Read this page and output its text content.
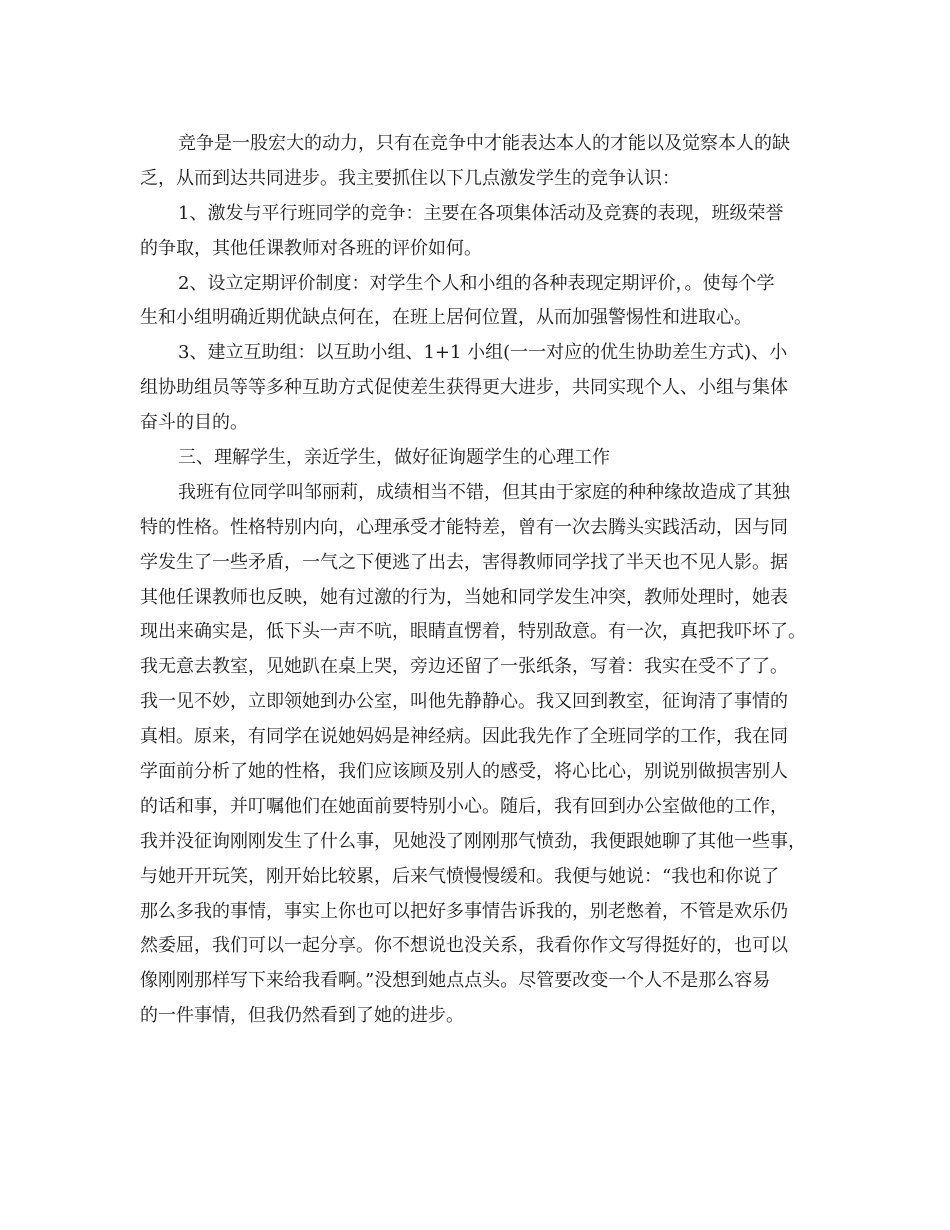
竞争是一股宏大的动力，只有在竞争中才能表达本人的才能以及觉察本人的缺
乏，从而到达共同进步。我主要抓住以下几点激发学生的竞争认识：
1、激发与平行班同学的竞争：主要在各项集体活动及竞赛的表现，班级荣誉
的争取，其他任课教师对各班的评价如何。
2、设立定期评价制度：对学生个人和小组的各种表现定期评价，。使每个学
生和小组明确近期优缺点何在，在班上居何位置，从而加强警惕性和进取心。
3、建立互助组：以互助小组、1+1 小组(一一对应的优生协助差生方式)、小
组协助组员等等多种互助方式促使差生获得更大进步，共同实现个人、小组与集体
奋斗的目的。
三、理解学生，亲近学生，做好征询题学生的心理工作
我班有位同学叫邹丽莉，成绩相当不错，但其由于家庭的种种缘故造成了其独
特的性格。性格特别内向，心理承受才能特差，曾有一次去腾头实践活动，因与同
学发生了一些矛盾，一气之下便逃了出去，害得教师同学找了半天也不见人影。据
其他任课教师也反映，她有过激的行为，当她和同学发生冲突，教师处理时，她表
现出来确实是，低下头一声不吭，眼睛直愣着，特别敌意。有一次，真把我吓坏了。
我无意去教室，见她趴在桌上哭，旁边还留了一张纸条，写着：我实在受不了了。
我一见不妙，立即领她到办公室，叫他先静静心。我又回到教室，征询清了事情的
真相。原来，有同学在说她妈妈是神经病。因此我先作了全班同学的工作，我在同
学面前分析了她的性格，我们应该顾及别人的感受，将心比心，别说别做损害别人
的话和事，并叮嘱他们在她面前要特别小心。随后，我有回到办公室做他的工作，
我并没征询刚刚发生了什么事，见她没了刚刚那气愤劲，我便跟她聊了其他一些事，
与她开开玩笑，刚开始比较累，后来气愤慢慢缓和。我便与她说：“我也和你说了
那么多我的事情，事实上你也可以把好多事情告诉我的，别老憋着，不管是欢乐仍
然委屈，我们可以一起分享。你不想说也没关系，我看你作文写得挺好的，也可以
像刚刚那样写下来给我看啊。”没想到她点点头。尽管要改变一个人不是那么容易
的一件事情，但我仍然看到了她的进步。
